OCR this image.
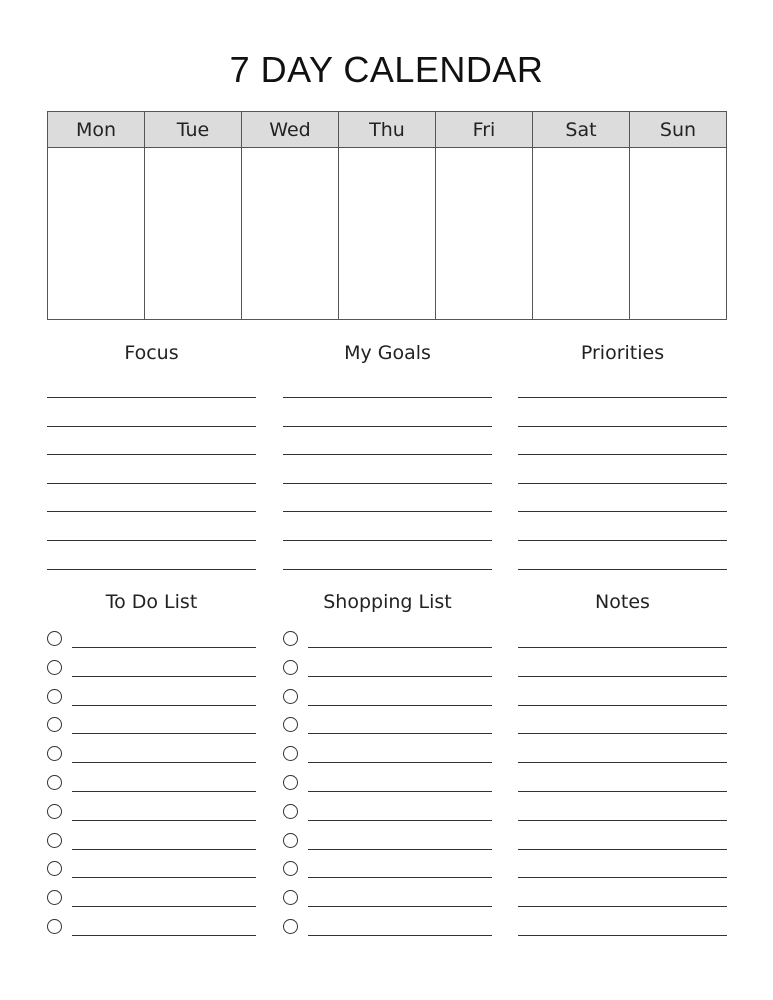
7 DAY CALENDAR
Mon	Tue	Wed	Thu	Fri	Sat	Sun
Focus	My Goals	Priorities
To Do List	Shopping List	Notes
